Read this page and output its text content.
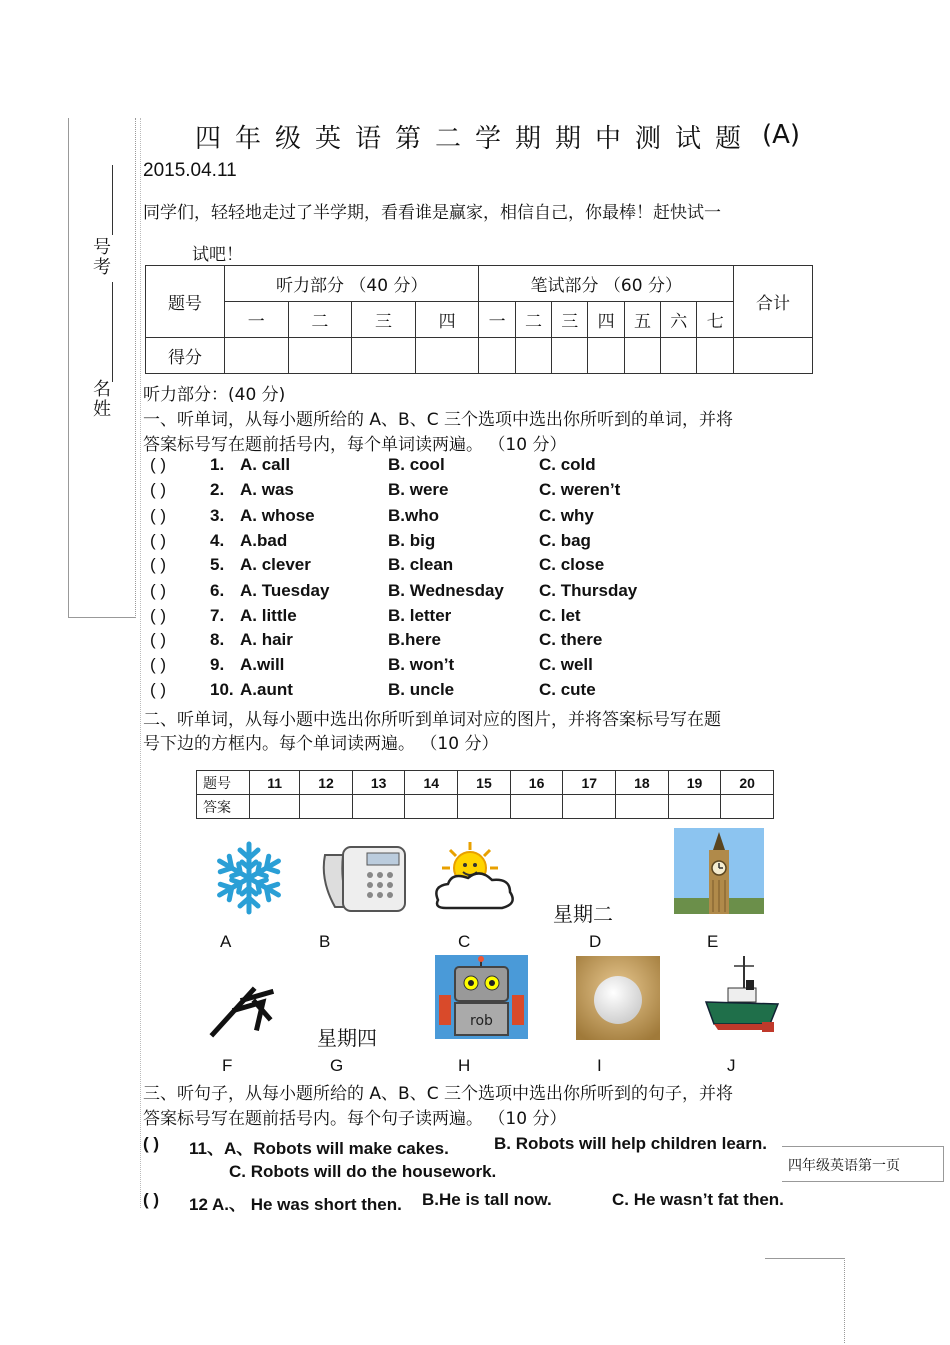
号考
名姓
四年级英语第二学期期中测试题 (A)
2015.04.11
同学们，轻轻地走过了半学期，看看谁是赢家，相信自己，你最棒！赶快试一
试吧！
题号	听力部分 （40 分）				笔试部分 （60 分）							合计
	一	二	三	四	一	二	三	四	五	六	七	
得分												
听力部分：(40 分)
一、听单词，从每小题所给的 A、B、C 三个选项中选出你所听到的单词，并将
答案标号写在题前括号内，每个单词读两遍。 （10 分）
( )	1. A. call	B. cool	C. cold
( )	2. A. was	B. were	C. weren’t
( )	3. A. whose	B.who	C. why
( )	4. A.bad	B. big	C. bag
( )	5. A. clever	B. clean	C. close
( )	6. A. Tuesday	B. Wednesday C. Thursday
( )	7. A. little	B. letter	C. let
( )	8. A. hair	B.here	C. there
( )	9. A.will	B. won’t	C. well
( )	10. A.aunt	B. uncle	C. cute
二、听单词，从每小题中选出你所听到单词对应的图片，并将答案标号写在题
号下边的方框内。每个单词读两遍。 （10 分）
题号	11	12	13	14	15	16	17	18	19	20
答案										
星期二
A	B	C	D	E
星期四
rob
F	G	H	I	J
三、听句子，从每小题所给的 A、B、C 三个选项中选出你所听到的句子，并将
答案标号写在题前括号内。每个句子读两遍。 （10 分）
( ) 11、A、Robots will make cakes.	B. Robots will help children learn.
C. Robots will do the housework.
( ) 12 A.、 He was short then. B.He is tall now.	C. He wasn’t fat then.
四年级英语第一页
